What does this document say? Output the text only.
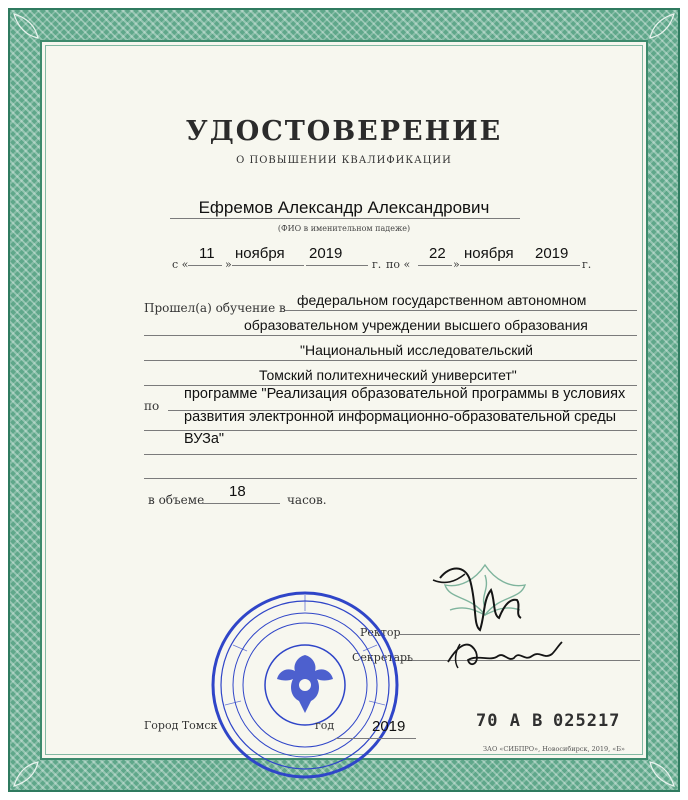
УДОСТОВЕРЕНИЕ
О ПОВЫШЕНИИ КВАЛИФИКАЦИИ
Ефремов Александр Александрович
(ФИО в именительном падеже)
с «
11
»
ноября 2019
г. по «
22
»
ноября 2019
г.
Прошел(а) обучение в федеральном государственном автономном
образовательном учреждении высшего образования
"Национальный исследовательский
Томский политехнический университет"
по
программе "Реализация образовательной программы в условиях
развития электронной информационно-образовательной среды
ВУЗа"
в объеме 18	часов.
Ректор
Секретарь
Город Томск	год	2019	70 А В 025217
ЗАО «СИБПРО», Новосибирск, 2019, «Б»
